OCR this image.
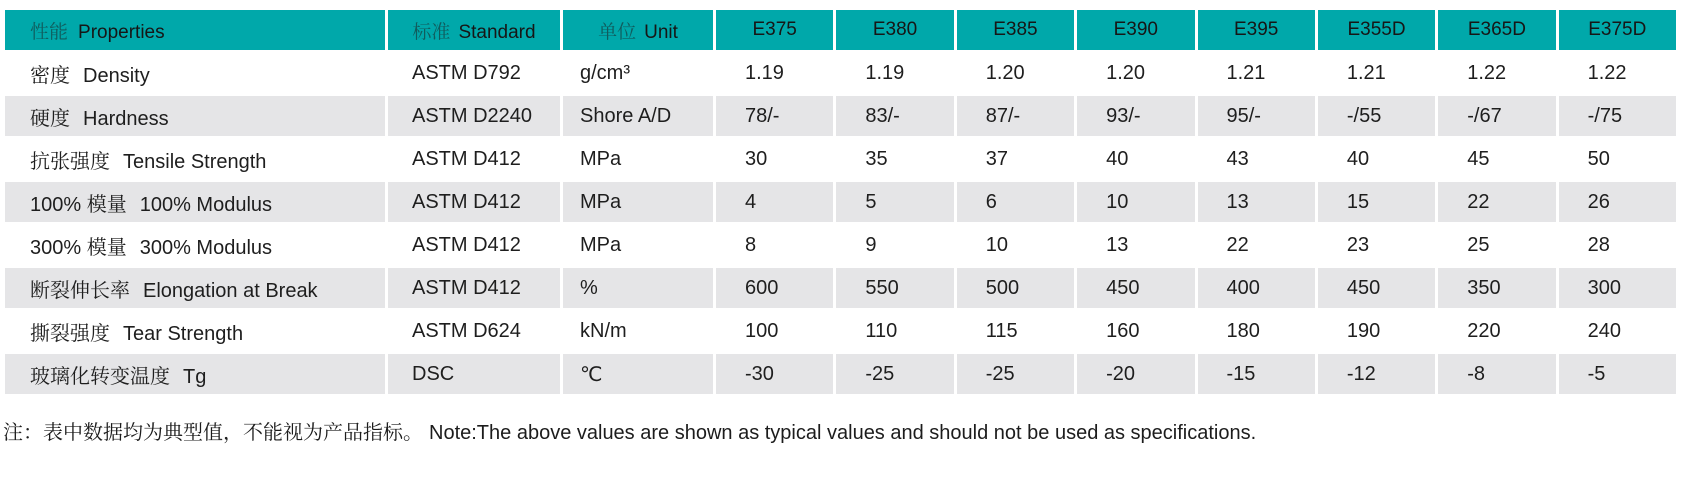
性能 Properties	标准 Standard	单位 Unit	E375	E380	E385	E390	E395	E355D	E365D	E375D
密度 Density	ASTM D792	g/cm³	1.19	1.19	1.20	1.20	1.21	1.21	1.22	1.22
硬度 Hardness	ASTM D2240	Shore A/D	78/-	83/-	87/-	93/-	95/-	-/55	-/67	-/75
抗张强度 Tensile Strength	ASTM D412	MPa	30	35	37	40	43	40	45	50
100% 模量 100% Modulus	ASTM D412	MPa	4	5	6	10	13	15	22	26
300% 模量 300% Modulus	ASTM D412	MPa	8	9	10	13	22	23	25	28
断裂伸长率 Elongation at Break	ASTM D412	%	600	550	500	450	400	450	350	300
撕裂强度 Tear Strength	ASTM D624	kN/m	100	110	115	160	180	190	220	240
玻璃化转变温度 Tg	DSC	℃	-30	-25	-25	-20	-15	-12	-8	-5
注：表中数据均为典型值，不能视为产品指标。 Note:The above values are shown as typical values and should not be used as specifications.
